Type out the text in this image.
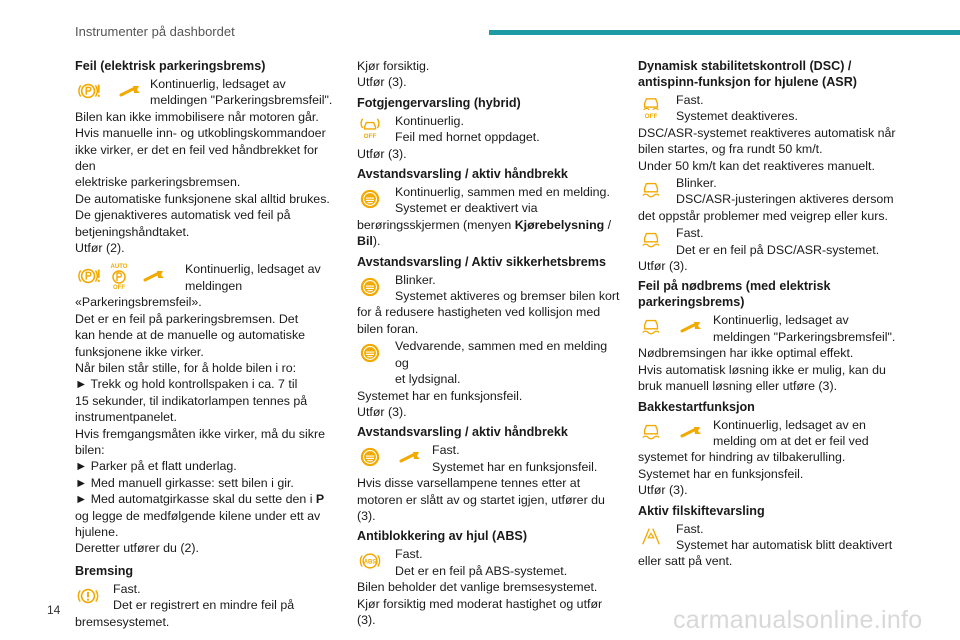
Instrumenter på dashbordet
Feil (elektrisk parkeringsbrems)

Kontinuerlig, ledsaget av

meldingen "Parkeringsbremsfeil".

Bilen kan ikke immobilisere når motoren går.

Hvis manuelle inn- og utkoblingskommandoer

ikke virker, er det en feil ved håndbrekket for den

elektriske parkeringsbremsen.

De automatiske funksjonene skal alltid brukes.

De gjenaktiveres automatisk ved feil på

betjeningshåndtaket.

Utfør (2).

AUTO
OFF

Kontinuerlig, ledsaget av

meldingen

«Parkeringsbremsfeil».

Det er en feil på parkeringsbremsen. Det

kan hende at de manuelle og automatiske

funksjonene ikke virker.

Når bilen står stille, for å holde bilen i ro:

► Trekk og hold kontrollspaken i ca. 7 til

15 sekunder, til indikatorlampen tennes på

instrumentpanelet.

Hvis fremgangsmåten ikke virker, må du sikre

bilen:

► Parker på et flatt underlag.

► Med manuell girkasse: sett bilen i gir.

► Med automatgirkasse skal du sette den i P

og legge de medfølgende kilene under ett av

hjulene.

Deretter utfører du (2).

Bremsing

Fast.

Det er registrert en mindre feil på

bremsesystemet.

Kjør forsiktig.

Utfør (3).

Fotgjengervarsling (hybrid)
OFF

Kontinuerlig.

Feil med hornet oppdaget.

Utfør (3).

Avstandsvarsling / aktiv håndbrekk

Kontinuerlig, sammen med en melding.

Systemet er deaktivert via

berøringsskjermen (menyen Kjørebelysning / Bil).

Avstandsvarsling / Aktiv sikkerhetsbrems

Blinker.

Systemet aktiveres og bremser bilen kort

for å redusere hastigheten ved kollisjon med

bilen foran.

Vedvarende, sammen med en melding og

et lydsignal.

Systemet har en funksjonsfeil.

Utfør (3).

Avstandsvarsling / aktiv håndbrekk

Fast.

Systemet har en funksjonsfeil.

Hvis disse varsellampene tennes etter at

motoren er slått av og startet igjen, utfører du

(3).

Antiblokkering av hjul (ABS)
ABS

Fast.

Det er en feil på ABS-systemet.

Bilen beholder det vanlige bremsesystemet.

Kjør forsiktig med moderat hastighet og utfør (3).

Dynamisk stabilitetskontroll (DSC) /
antispinn-funksjon for hjulene (ASR)
OFF

Fast.

Systemet deaktiveres.

DSC/ASR-systemet reaktiveres automatisk når

bilen startes, og fra rundt 50 km/t.

Under 50 km/t kan det reaktiveres manuelt.

Blinker.

DSC/ASR-justeringen aktiveres dersom

det oppstår problemer med veigrep eller kurs.

Fast.

Det er en feil på DSC/ASR-systemet.

Utfør (3).

Feil på nødbrems (med elektrisk
parkeringsbrems)

Kontinuerlig, ledsaget av

meldingen "Parkeringsbremsfeil".

Nødbremsingen har ikke optimal effekt.

Hvis automatisk løsning ikke er mulig, kan du

bruk manuell løsning eller utføre (3).

Bakkestartfunksjon

Kontinuerlig, ledsaget av en

melding om at det er feil ved

systemet for hindring av tilbakerulling.

Systemet har en funksjonsfeil.

Utfør (3).

Aktiv filskiftevarsling

Fast.

Systemet har automatisk blitt deaktivert

eller satt på vent.

14	carmanualsonline.info
